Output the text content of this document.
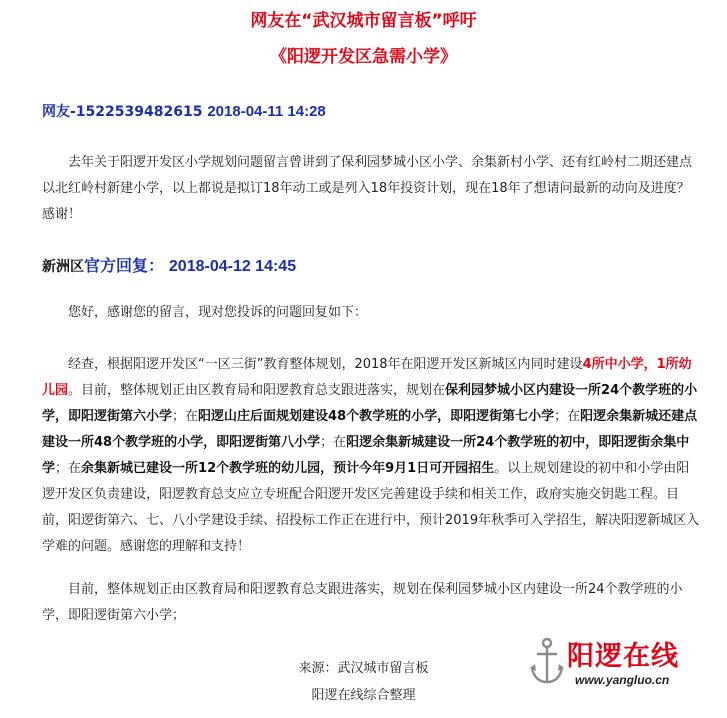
网友在“武汉城市留言板”呼吁
《阳逻开发区急需小学》
网友-1522539482615 2018-04-11 14:28

去年关于阳逻开发区小学规划问题留言曾讲到了保利园梦城小区小学、余集新村小学、还有红岭村二期还建点以北红岭村新建小学，以上都说是拟订18年动工或是列入18年投资计划，现在18年了想请问最新的动向及进度？感谢！

新洲区官方回复： 2018-04-12 14:45

您好，感谢您的留言，现对您投诉的问题回复如下：

经查，根据阳逻开发区“一区三街”教育整体规划，2018年在阳逻开发区新城区内同时建设4所中小学，1所幼儿园。目前，整体规划正由区教育局和阳逻教育总支跟进落实，规划在保利园梦城小区内建设一所24个教学班的小学，即阳逻街第六小学；在阳逻山庄后面规划建设48个教学班的小学，即阳逻街第七小学；在阳逻余集新城还建点建设一所48个教学班的小学，即阳逻街第八小学；在阳逻余集新城建设一所24个教学班的初中，即阳逻街余集中学；在余集新城已建设一所12个教学班的幼儿园，预计今年9月1日可开园招生。以上规划建设的初中和小学由阳逻开发区负责建设，阳逻教育总支应立专班配合阳逻开发区完善建设手续和相关工作，政府实施交钥匙工程。目前，阳逻街第六、七、八小学建设手续、招投标工作正在进行中，预计2019年秋季可入学招生，解决阳逻新城区入学难的问题。感谢您的理解和支持！

目前，整体规划正由区教育局和阳逻教育总支跟进落实，规划在保利园梦城小区内建设一所24个教学班的小学，即阳逻街第六小学；

来源：武汉城市留言板
阳逻在线综合整理
阳逻在线
www.yangluo.cn
